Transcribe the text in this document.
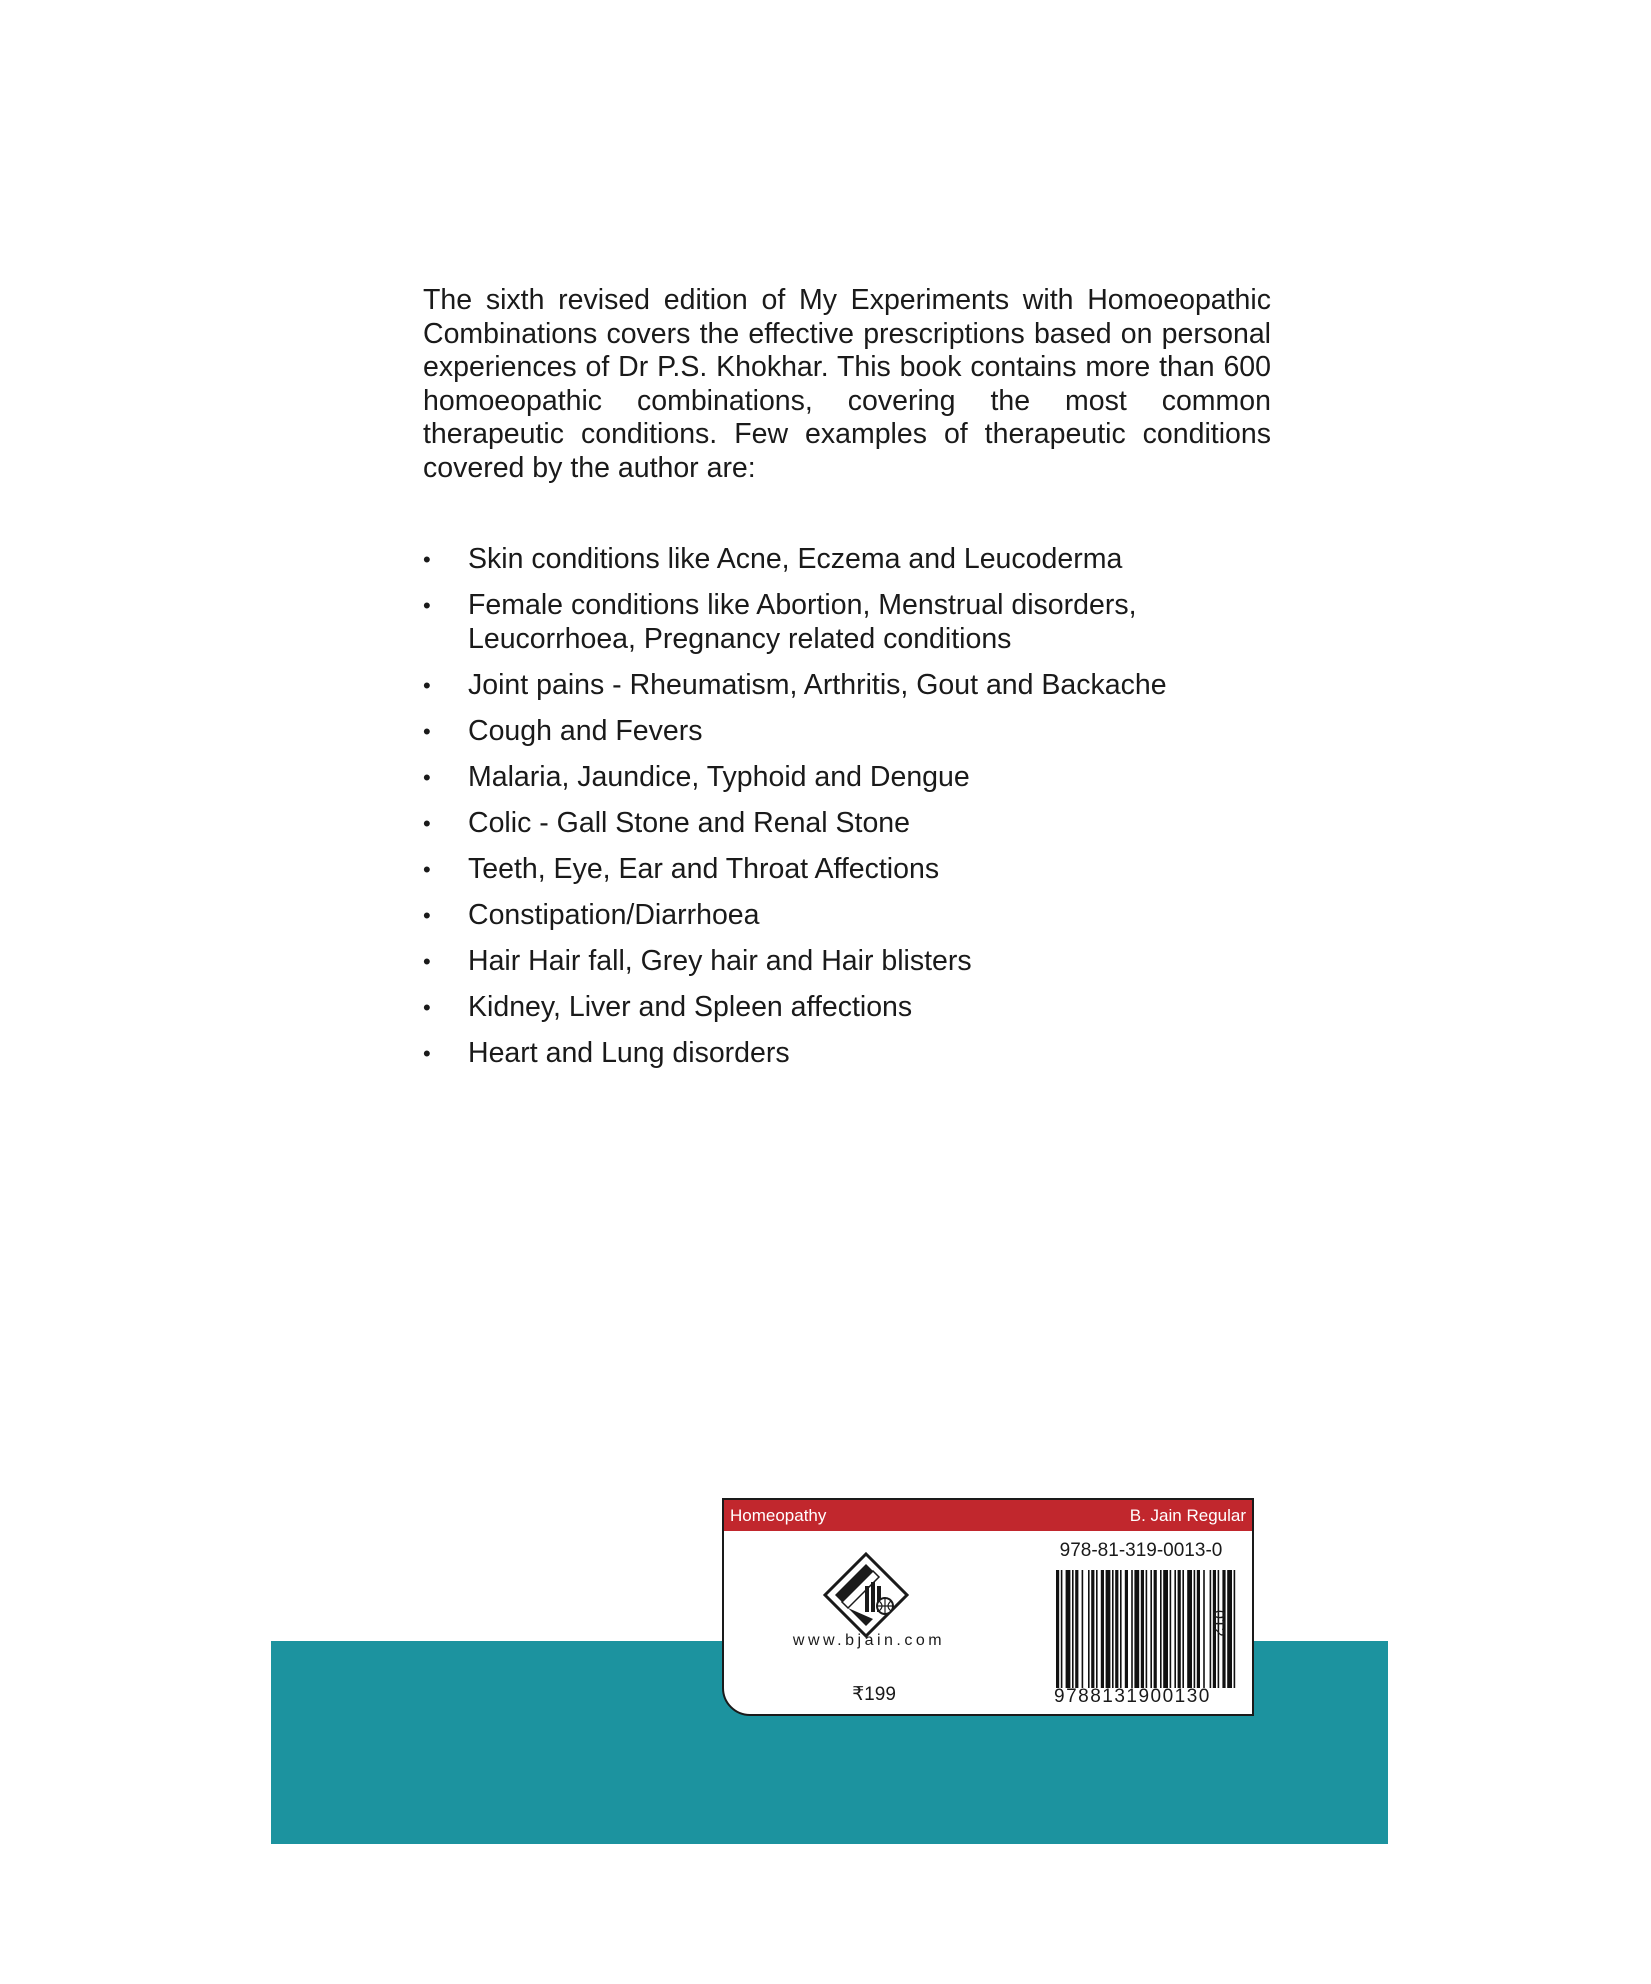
The sixth revised edition of My Experiments with Homoeopathic Combinations covers the effective prescriptions based on personal experiences of Dr P.S. Khokhar. This book contains more than 600 homoeopathic combinations, covering the most common therapeutic conditions. Few examples of therapeutic conditions covered by the author are:

•	Skin conditions like Acne, Eczema and Leucoderma
•	Female conditions like Abortion, Menstrual disorders, Leucorrhoea, Pregnancy related conditions
•	Joint pains - Rheumatism, Arthritis, Gout and Backache
•	Cough and Fevers
•	Malaria, Jaundice, Typhoid and Dengue
•	Colic - Gall Stone and Renal Stone
•	Teeth, Eye, Ear and Throat Affections
•	Constipation/Diarrhoea
•	Hair Hair fall, Grey hair and Hair blisters
•	Kidney, Liver and Spleen affections
•	Heart and Lung disorders
Homeopathy	B. Jain Regular
www.bjain.com
₹199
978-81-319-0013-0
9788131900130
012
